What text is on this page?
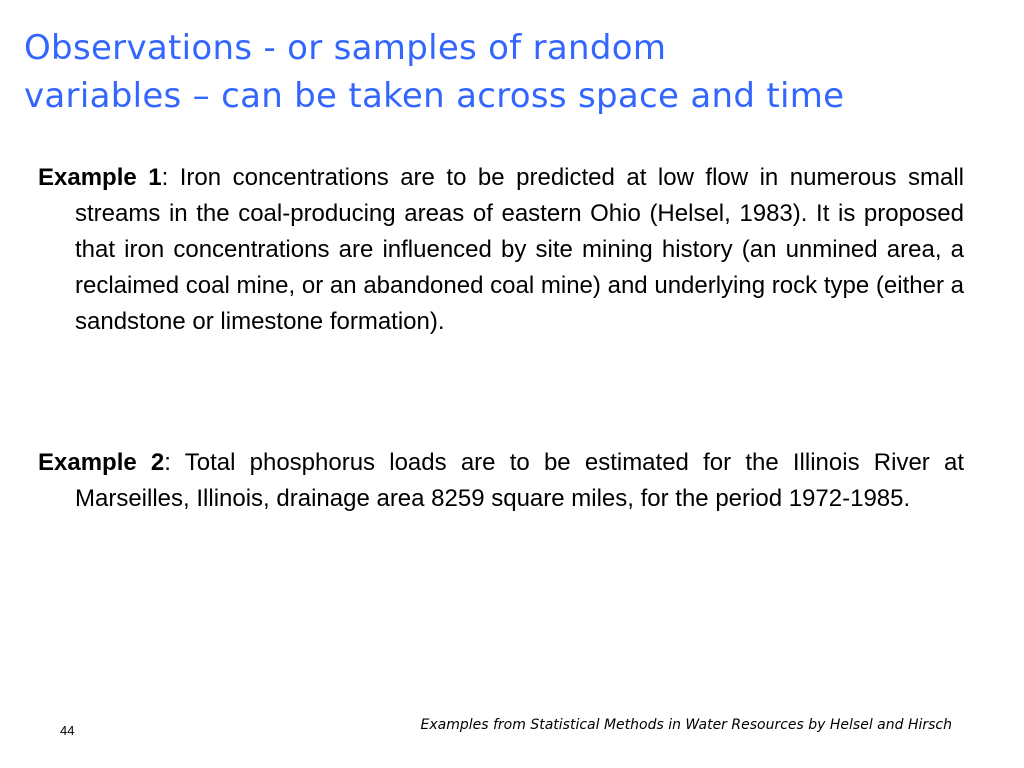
Observations - or samples of random
variables – can be taken across space and time

Example 1: Iron concentrations are to be predicted at low flow in numerous small streams in the coal-producing areas of eastern Ohio (Helsel, 1983). It is proposed that iron concentrations are influenced by site mining history (an unmined area, a reclaimed coal mine, or an abandoned coal mine) and underlying rock type (either a sandstone or limestone formation).

Example 2: Total phosphorus loads are to be estimated for the Illinois River at Marseilles, Illinois, drainage area 8259 square miles, for the period 1972-1985.

44	Examples from Statistical Methods in Water Resources by Helsel and Hirsch
